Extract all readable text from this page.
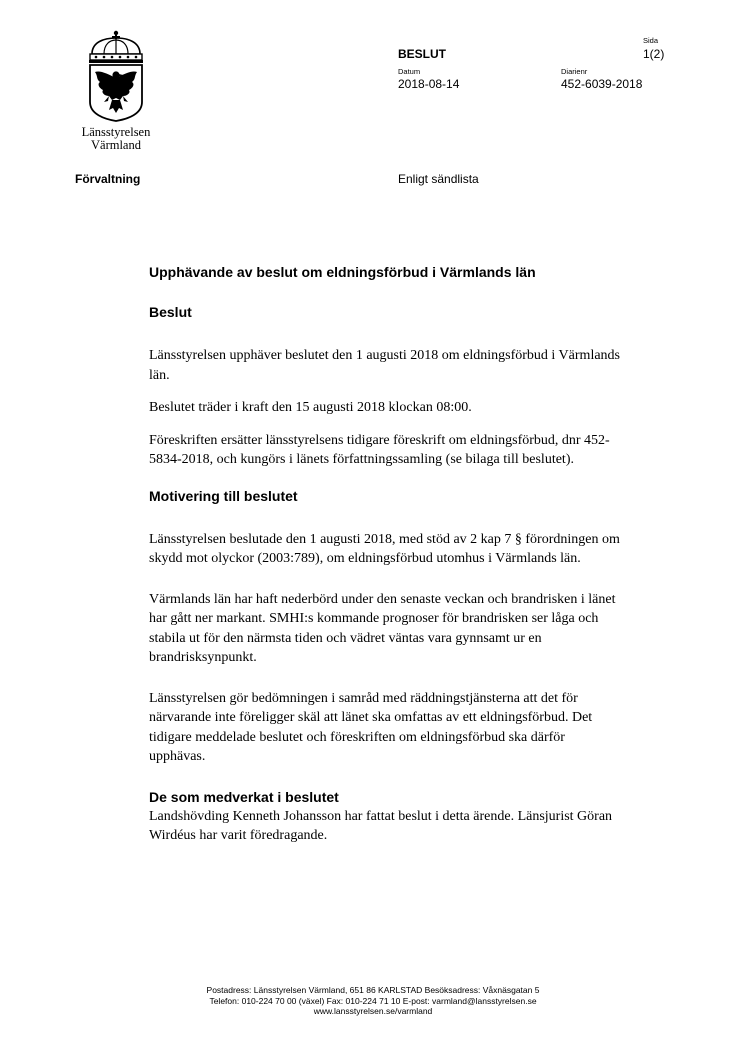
Länsstyrelsen
Värmland
BESLUT
Sida
1(2)
Datum
2018-08-14
Diarienr
452-6039-2018
Förvaltning	Enligt sändlista
Upphävande av beslut om eldningsförbud i Värmlands län
Beslut

Länsstyrelsen upphäver beslutet den 1 augusti 2018 om eldningsförbud i Värmlands län.

Beslutet träder i kraft den 15 augusti 2018 klockan 08:00.

Föreskriften ersätter länsstyrelsens tidigare föreskrift om eldningsförbud, dnr 452-5834-2018, och kungörs i länets författningssamling (se bilaga till beslutet).

Motivering till beslutet

Länsstyrelsen beslutade den 1 augusti 2018, med stöd av 2 kap 7 § förordningen om skydd mot olyckor (2003:789), om eldningsförbud utomhus i Värmlands län.

Värmlands län har haft nederbörd under den senaste veckan och brandrisken i länet har gått ner markant. SMHI:s kommande prognoser för brandrisken ser låga och stabila ut för den närmsta tiden och vädret väntas vara gynnsamt ur en brandrisksynpunkt.

Länsstyrelsen gör bedömningen i samråd med räddningstjänsterna att det för närvarande inte föreligger skäl att länet ska omfattas av ett eldningsförbud. Det tidigare meddelade beslutet och föreskriften om eldningsförbud ska därför upphävas.

De som medverkat i beslutet

Landshövding Kenneth Johansson har fattat beslut i detta ärende. Länsjurist Göran Wirdéus har varit föredragande.

Postadress: Länsstyrelsen Värmland, 651 86 KARLSTAD Besöksadress: Våxnäsgatan 5
Telefon: 010-224 70 00 (växel) Fax: 010-224 71 10 E-post: varmland@lansstyrelsen.se
www.lansstyrelsen.se/varmland
